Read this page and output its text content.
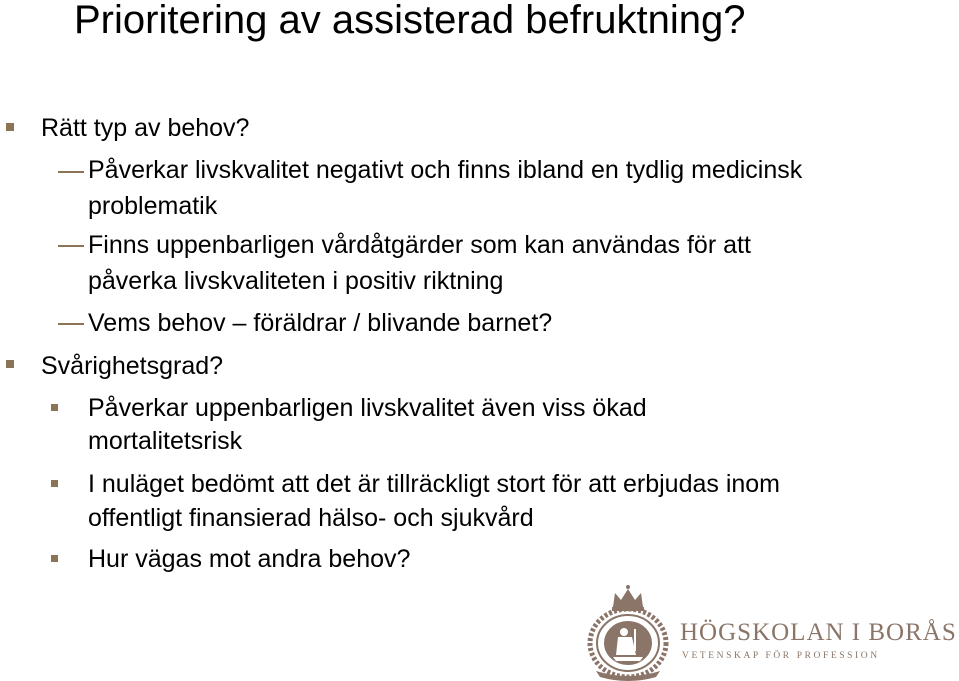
Prioritering av assisterad befruktning?
Rätt typ av behov?
Påverkar livskvalitet negativt och finns ibland en tydlig medicinsk
problematik
Finns uppenbarligen vårdåtgärder som kan användas för att
påverka livskvaliteten i positiv riktning
Vems behov – föräldrar / blivande barnet?
Svårighetsgrad?
Påverkar uppenbarligen livskvalitet även viss ökad
mortalitetsrisk
I nuläget bedömt att det är tillräckligt stort för att erbjudas inom
offentligt finansierad hälso- och sjukvård
Hur vägas mot andra behov?
HÖGSKOLAN I BORÅS
VETENSKAP FÖR PROFESSION
